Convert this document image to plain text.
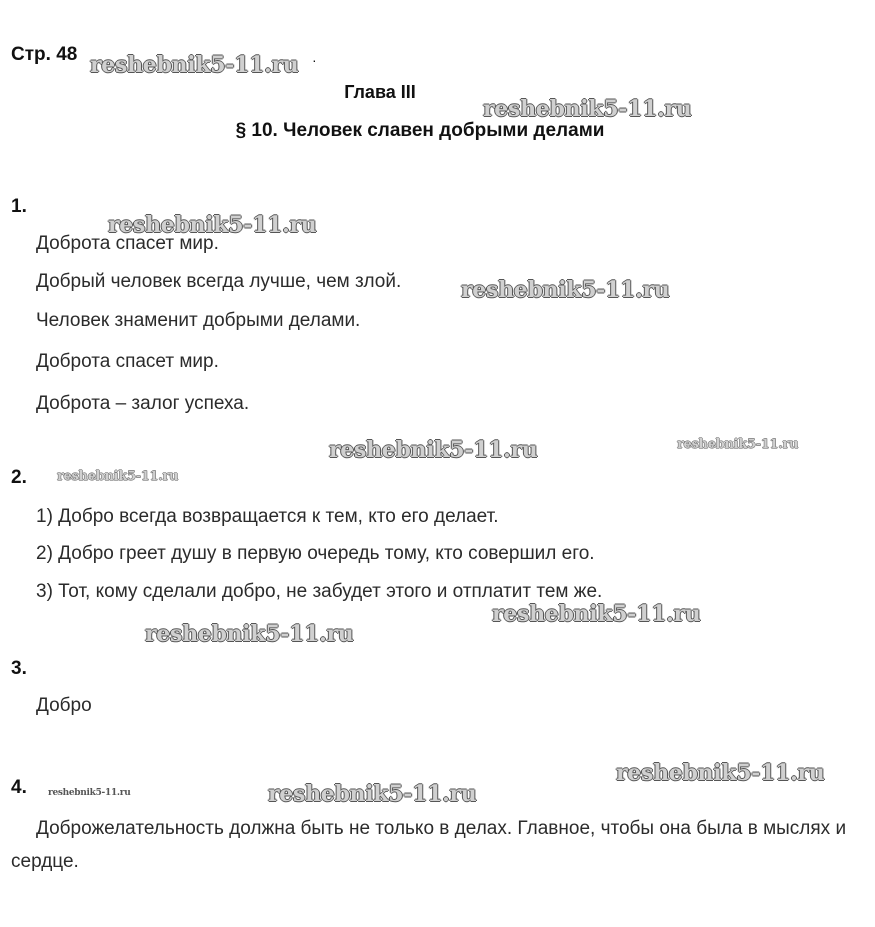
Стр. 48	·
Глава III
§ 10. Человек славен добрыми делами
1.
Доброта спасет мир.
Добрый человек всегда лучше, чем злой.
Человек знаменит добрыми делами.
Доброта спасет мир.
Доброта – залог успеха.
2.
1) Добро всегда возвращается к тем, кто его делает.
2) Добро греет душу в первую очередь тому, кто совершил его.
3) Тот, кому сделали добро, не забудет этого и отплатит тем же.
3.
Добро
4.
Доброжелательность должна быть не только в делах. Главное, чтобы она была в мыслях и сердце.
reshebnik5-11.ru
reshebnik5-11.ru
reshebnik5-11.ru
reshebnik5-11.ru
reshebnik5-11.ru	reshebnik5-11.ru
reshebnik5-11.ru
reshebnik5-11.ru
reshebnik5-11.ru
reshebnik5-11.ru
reshebnik5-11.ru	reshebnik5-11.ru
